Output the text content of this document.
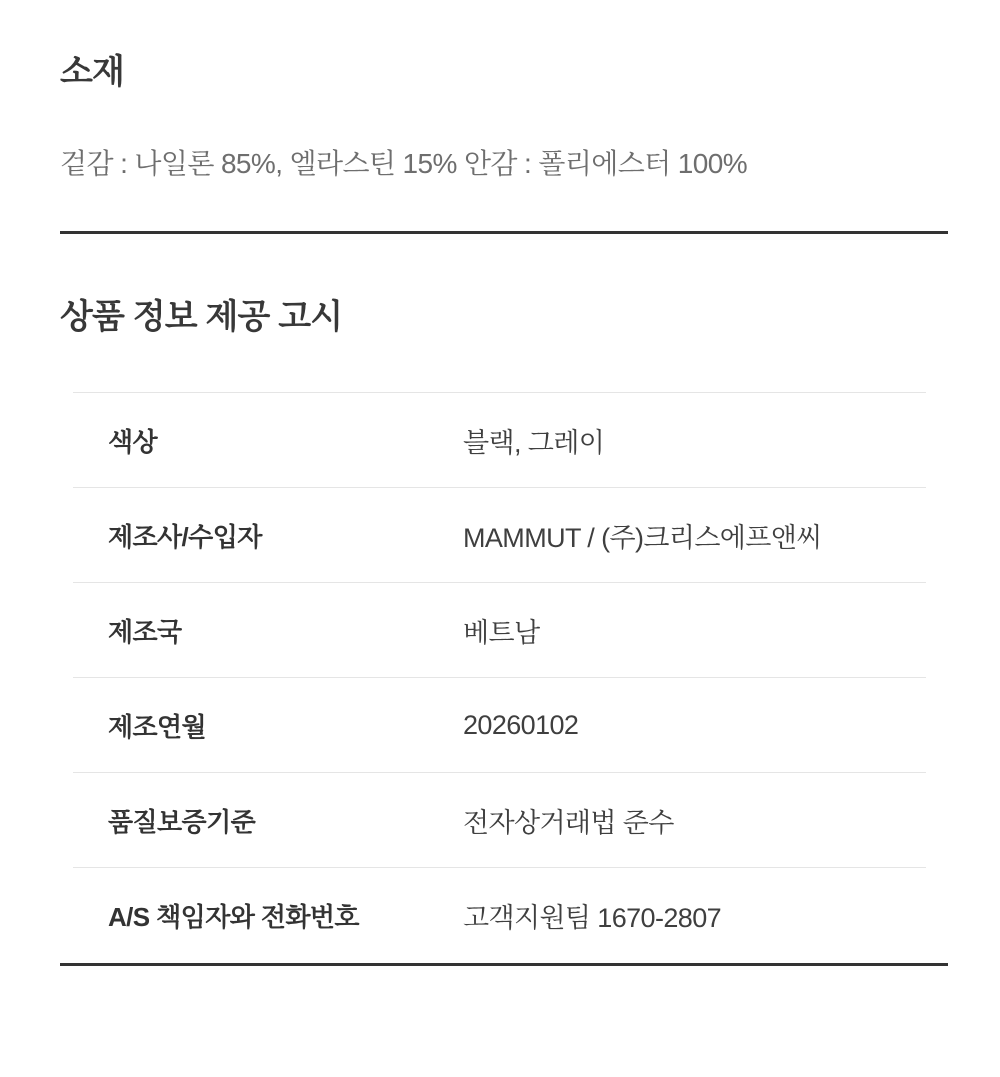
소재

겉감 : 나일론 85%, 엘라스틴 15% 안감 : 폴리에스터 100%

상품 정보 제공 고시
색상	블랙, 그레이
제조사/수입자	MAMMUT / (주)크리스에프앤씨
제조국	베트남
제조연월	20260102
품질보증기준	전자상거래법 준수
A/S 책임자와 전화번호	고객지원팀 1670-2807
